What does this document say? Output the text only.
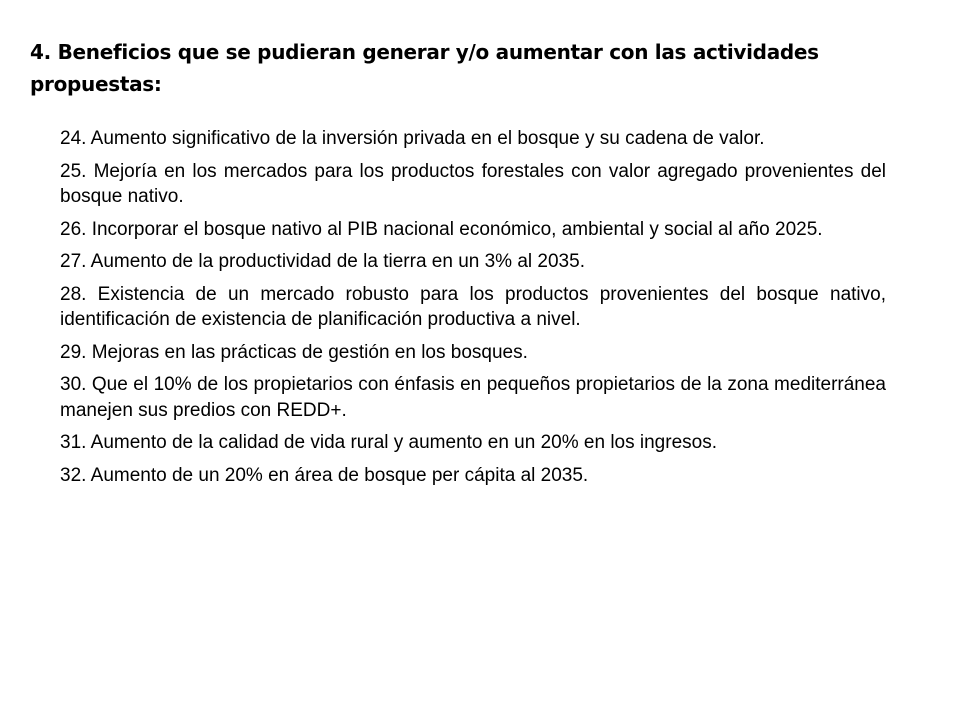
4. Beneficios que se pudieran generar y/o aumentar con las actividades propuestas:
24. Aumento significativo de la inversión privada en el bosque y su cadena de valor.
25. Mejoría en los mercados para los productos forestales con valor agregado provenientes del bosque nativo.
26. Incorporar el bosque nativo al PIB nacional económico, ambiental y social al año 2025.
27. Aumento de la productividad de la tierra en un 3% al 2035.
28. Existencia de un mercado robusto para los productos provenientes del bosque nativo, identificación de existencia de planificación productiva a nivel.
29. Mejoras en las prácticas de gestión en los bosques.
30. Que el 10% de los propietarios con énfasis en pequeños propietarios de la zona mediterránea manejen sus predios con REDD+.
31. Aumento de la calidad de vida rural y aumento en un 20% en los ingresos.
32. Aumento de un 20% en área de bosque per cápita al 2035.
